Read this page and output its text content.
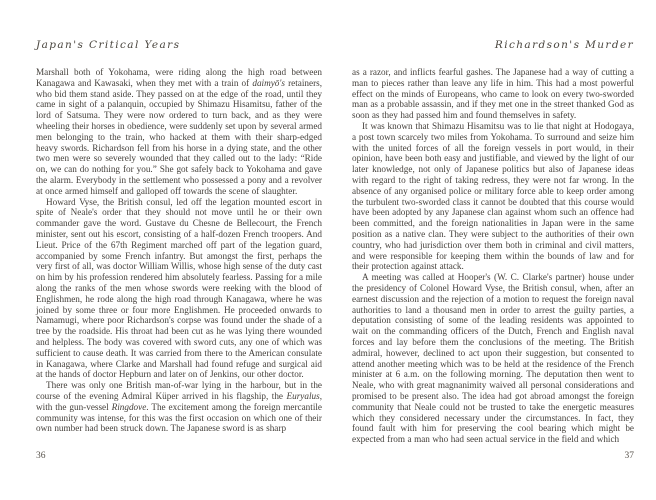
Japan's Critical Years

Marshall both of Yokohama, were riding along the high road between Kanagawa and Kawasaki, when they met with a train of daimyō's retainers, who bid them stand aside. They passed on at the edge of the road, until they came in sight of a palanquin, occupied by Shimazu Hisamitsu, father of the lord of Satsuma. They were now ordered to turn back, and as they were wheeling their horses in obedience, were suddenly set upon by several armed men belonging to the train, who hacked at them with their sharp-edged heavy swords. Richardson fell from his horse in a dying state, and the other two men were so severely wounded that they called out to the lady: “Ride on, we can do nothing for you.” She got safely back to Yokohama and gave the alarm. Everybody in the settlement who possessed a pony and a revolver at once armed himself and galloped off towards the scene of slaughter.

Howard Vyse, the British consul, led off the legation mounted escort in spite of Neale's order that they should not move until he or their own commander gave the word. Gustave du Chesne de Bellecourt, the French minister, sent out his escort, consisting of a half-dozen French troopers. And Lieut. Price of the 67th Regiment marched off part of the legation guard, accompanied by some French infantry. But amongst the first, perhaps the very first of all, was doctor William Willis, whose high sense of the duty cast on him by his profession rendered him absolutely fearless. Passing for a mile along the ranks of the men whose swords were reeking with the blood of Englishmen, he rode along the high road through Kanagawa, where he was joined by some three or four more Englishmen. He proceeded onwards to Namamugi, where poor Richardson's corpse was found under the shade of a tree by the roadside. His throat had been cut as he was lying there wounded and helpless. The body was covered with sword cuts, any one of which was sufficient to cause death. It was carried from there to the American consulate in Kanagawa, where Clarke and Marshall had found refuge and surgical aid at the hands of doctor Hepburn and later on of Jenkins, our other doctor.

There was only one British man-of-war lying in the harbour, but in the course of the evening Admiral Küper arrived in his flagship, the Euryalus, with the gun-vessel Ringdove. The excitement among the foreign mercantile community was intense, for this was the first occasion on which one of their own number had been struck down. The Japanese sword is as sharp

Richardson's Murder

as a razor, and inflicts fearful gashes. The Japanese had a way of cutting a man to pieces rather than leave any life in him. This had a most powerful effect on the minds of Europeans, who came to look on every two-sworded man as a probable assassin, and if they met one in the street thanked God as soon as they had passed him and found themselves in safety.

It was known that Shimazu Hisamitsu was to lie that night at Hodogaya, a post town scarcely two miles from Yokohama. To surround and seize him with the united forces of all the foreign vessels in port would, in their opinion, have been both easy and justifiable, and viewed by the light of our later knowledge, not only of Japanese politics but also of Japanese ideas with regard to the right of taking redress, they were not far wrong. In the absence of any organised police or military force able to keep order among the turbulent two-sworded class it cannot be doubted that this course would have been adopted by any Japanese clan against whom such an offence had been committed, and the foreign nationalities in Japan were in the same position as a native clan. They were subject to the authorities of their own country, who had jurisdiction over them both in criminal and civil matters, and were responsible for keeping them within the bounds of law and for their protection against attack.

A meeting was called at Hooper's (W. C. Clarke's partner) house under the presidency of Colonel Howard Vyse, the British consul, when, after an earnest discussion and the rejection of a motion to request the foreign naval authorities to land a thousand men in order to arrest the guilty parties, a deputation consisting of some of the leading residents was appointed to wait on the commanding officers of the Dutch, French and English naval forces and lay before them the conclusions of the meeting. The British admiral, however, declined to act upon their suggestion, but consented to attend another meeting which was to be held at the residence of the French minister at 6 a.m. on the following morning. The deputation then went to Neale, who with great magnanimity waived all personal considerations and promised to be present also. The idea had got abroad amongst the foreign community that Neale could not be trusted to take the energetic measures which they considered necessary under the circumstances. In fact, they found fault with him for preserving the cool bearing which might be expected from a man who had seen actual service in the field and which

36	37
